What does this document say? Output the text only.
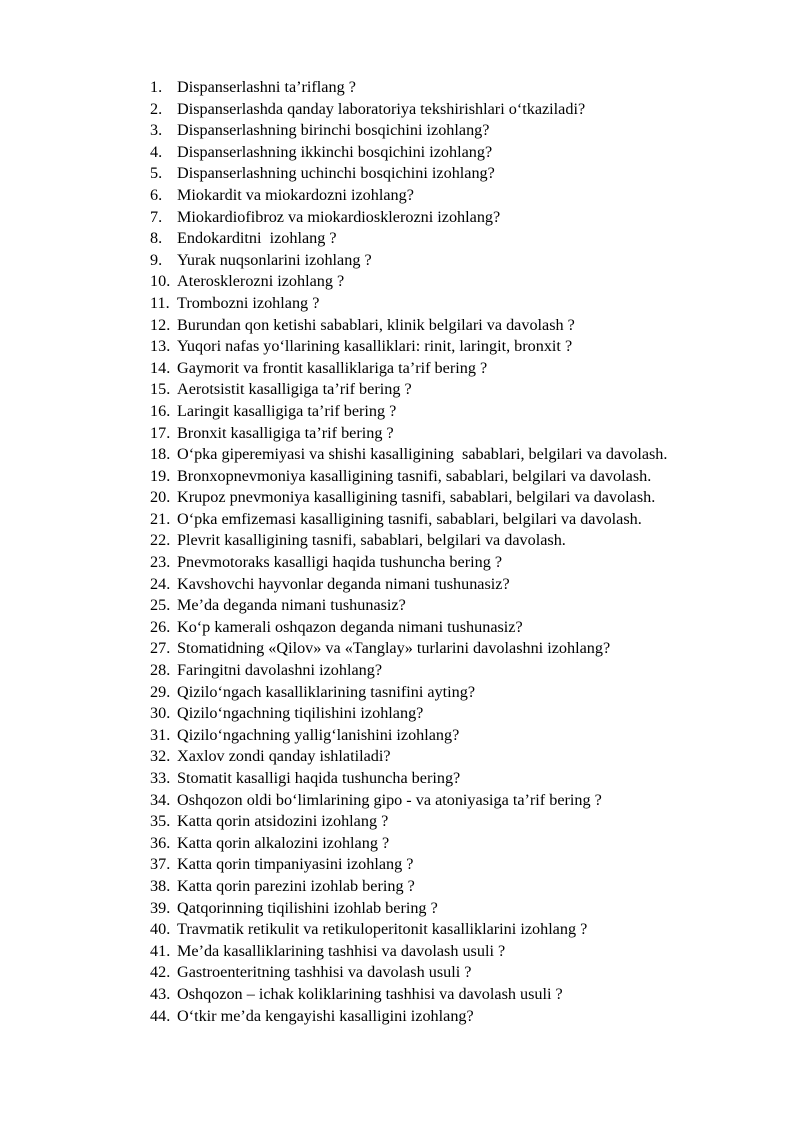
1. Dispanserlashni ta’riflang ?
2. Dispanserlashda qanday laboratoriya tekshirishlari o‘tkaziladi?
3. Dispanserlashning birinchi bosqichini izohlang?
4. Dispanserlashning ikkinchi bosqichini izohlang?
5. Dispanserlashning uchinchi bosqichini izohlang?
6. Miokardit va miokardozni izohlang?
7. Miokardiofibroz va miokardiosklerozni izohlang?
8. Endokarditni  izohlang ?
9. Yurak nuqsonlarini izohlang ?
10. Aterosklerozni izohlang ?
11. Trombozni izohlang ?
12. Burundan qon ketishi sabablari, klinik belgilari va davolash ?
13. Yuqori nafas yo‘llarining kasalliklari: rinit, laringit, bronxit ?
14. Gaymorit va frontit kasalliklariga ta’rif bering ?
15. Aerotsistit kasalligiga ta’rif bering ?
16. Laringit kasalligiga ta’rif bering ?
17. Bronxit kasalligiga ta’rif bering ?
18. O‘pka giperemiyasi va shishi kasalligining  sabablari, belgilari va davolash.
19. Bronxopnevmoniya kasalligining tasnifi, sabablari, belgilari va davolash.
20. Krupoz pnevmoniya kasalligining tasnifi, sabablari, belgilari va davolash.
21. O‘pka emfizemasi kasalligining tasnifi, sabablari, belgilari va davolash.
22. Plevrit kasalligining tasnifi, sabablari, belgilari va davolash.
23. Pnevmotoraks kasalligi haqida tushuncha bering ?
24. Kavshovchi hayvonlar deganda nimani tushunasiz?
25. Me’da deganda nimani tushunasiz?
26. Ko‘p kamerali oshqazon deganda nimani tushunasiz?
27. Stomatidning «Qilov» va «Tanglay» turlarini davolashni izohlang?
28. Faringitni davolashni izohlang?
29. Qizilo‘ngach kasalliklarining tasnifini ayting?
30. Qizilo‘ngachning tiqilishini izohlang?
31. Qizilo‘ngachning yallig‘lanishini izohlang?
32. Xaxlov zondi qanday ishlatiladi?
33. Stomatit kasalligi haqida tushuncha bering?
34. Oshqozon oldi bo‘limlarining gipo - va atoniyasiga ta’rif bering ?
35. Katta qorin atsidozini izohlang ?
36. Katta qorin alkalozini izohlang ?
37. Katta qorin timpaniyasini izohlang ?
38. Katta qorin parezini izohlab bering ?
39. Qatqorinning tiqilishini izohlab bering ?
40. Travmatik retikulit va retikuloperitonit kasalliklarini izohlang ?
41. Me’da kasalliklarining tashhisi va davolash usuli ?
42. Gastroenteritning tashhisi va davolash usuli ?
43. Oshqozon – ichak koliklarining tashhisi va davolash usuli ?
44. O‘tkir me’da kengayishi kasalligini izohlang?
